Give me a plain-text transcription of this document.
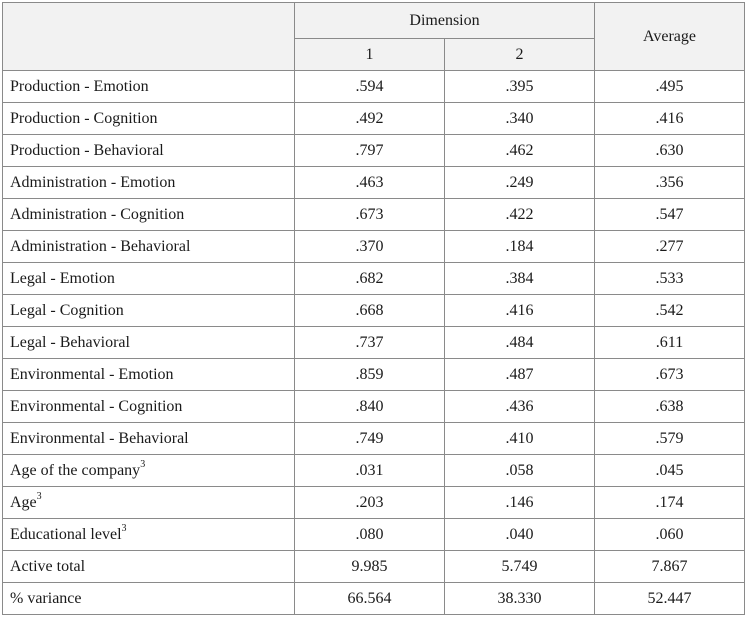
	Dimension		Average
	1	2	
Production - Emotion	.594	.395	.495
Production - Cognition	.492	.340	.416
Production - Behavioral	.797	.462	.630
Administration - Emotion	.463	.249	.356
Administration - Cognition	.673	.422	.547
Administration - Behavioral	.370	.184	.277
Legal - Emotion	.682	.384	.533
Legal - Cognition	.668	.416	.542
Legal - Behavioral	.737	.484	.611
Environmental - Emotion	.859	.487	.673
Environmental - Cognition	.840	.436	.638
Environmental - Behavioral	.749	.410	.579
Age of the company$^3$	.031	.058	.045
Age$^3$	.203	.146	.174
Educational level$^3$	.080	.040	.060
Active total	9.985	5.749	7.867
% variance	66.564	38.330	52.447
